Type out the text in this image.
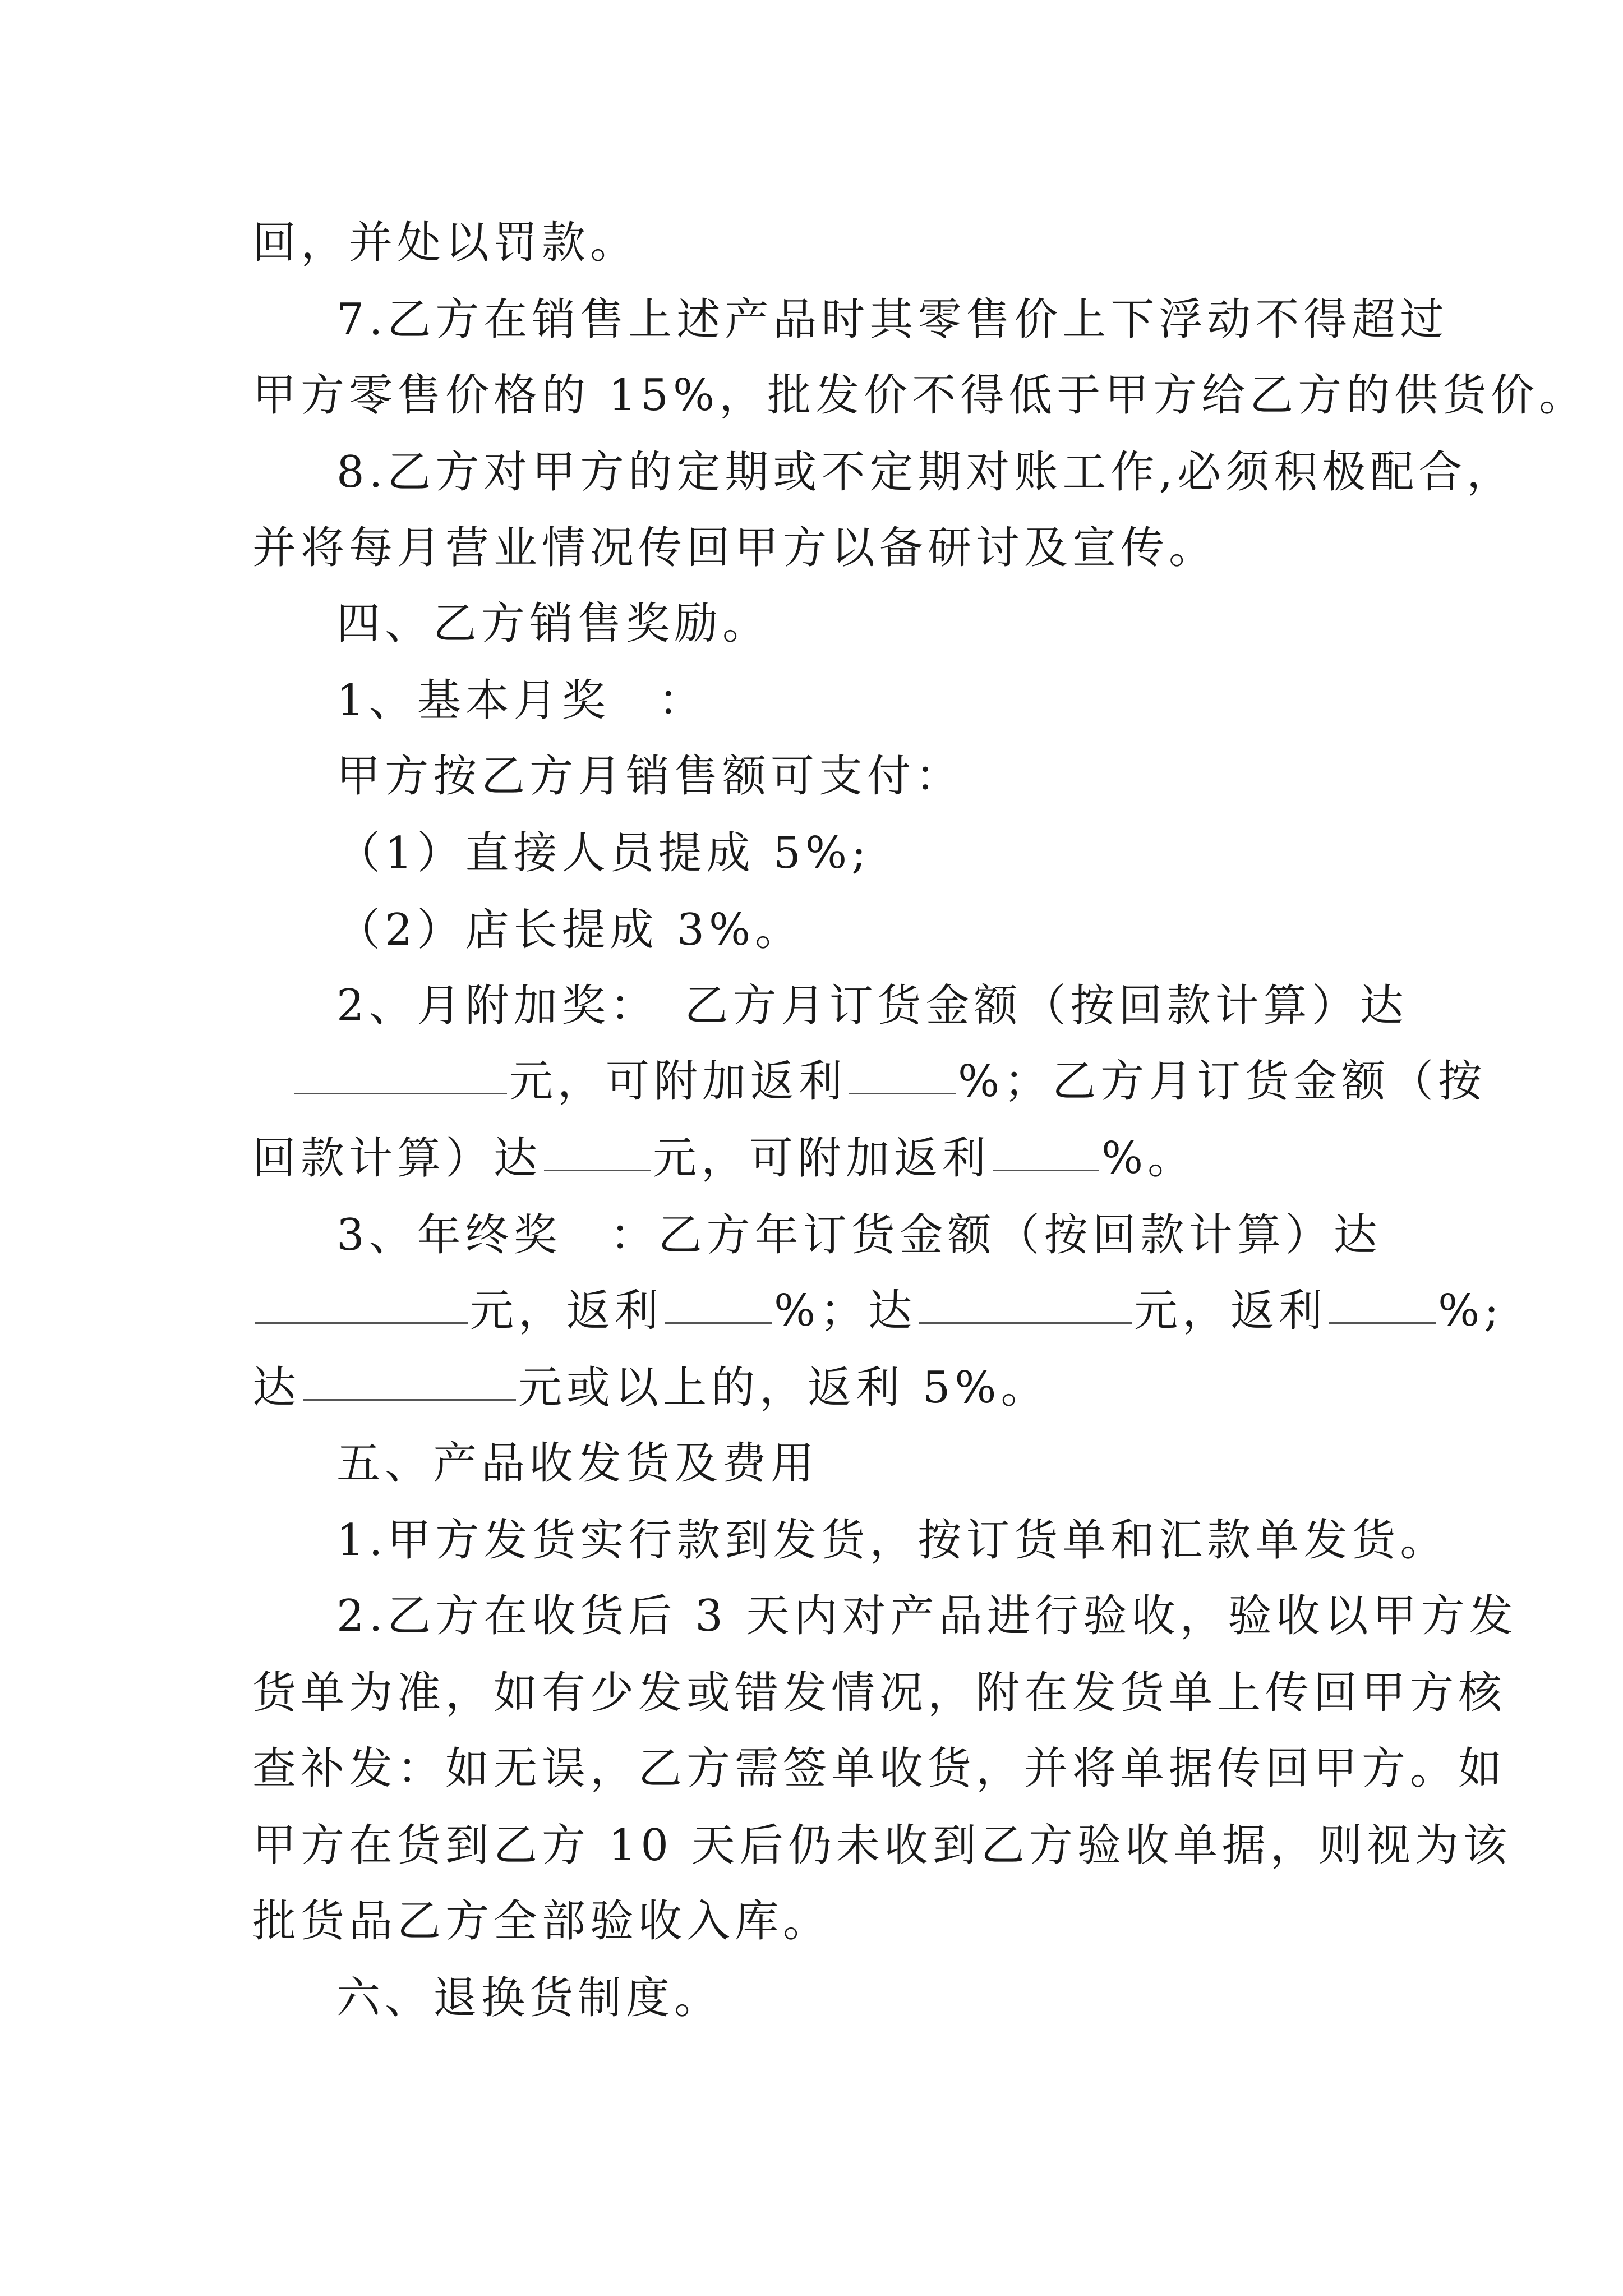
回，并处以罚款。
7.乙方在销售上述产品时其零售价上下浮动不得超过
甲方零售价格的 15%，批发价不得低于甲方给乙方的供货价。
8.乙方对甲方的定期或不定期对账工作,必须积极配合，
并将每月营业情况传回甲方以备研讨及宣传。
四、乙方销售奖励。
1、基本月奖　：
甲方按乙方月销售额可支付：
（1）直接人员提成 5%;
（2）店长提成 3%。
2、月附加奖：　乙方月订货金额（按回款计算）达
元，可附加返利	%；乙方月订货金额（按
回款计算）达	元，可附加返利	%。
3、年终奖　：乙方年订货金额（按回款计算）达
元，返利	%；达	元，返利	%;
达	元或以上的，返利 5%。
五、产品收发货及费用
1.甲方发货实行款到发货，按订货单和汇款单发货。
2.乙方在收货后 3 天内对产品进行验收，验收以甲方发
货单为准，如有少发或错发情况，附在发货单上传回甲方核
查补发：如无误，乙方需签单收货，并将单据传回甲方。如
甲方在货到乙方 10 天后仍未收到乙方验收单据，则视为该
批货品乙方全部验收入库。
六、退换货制度。
